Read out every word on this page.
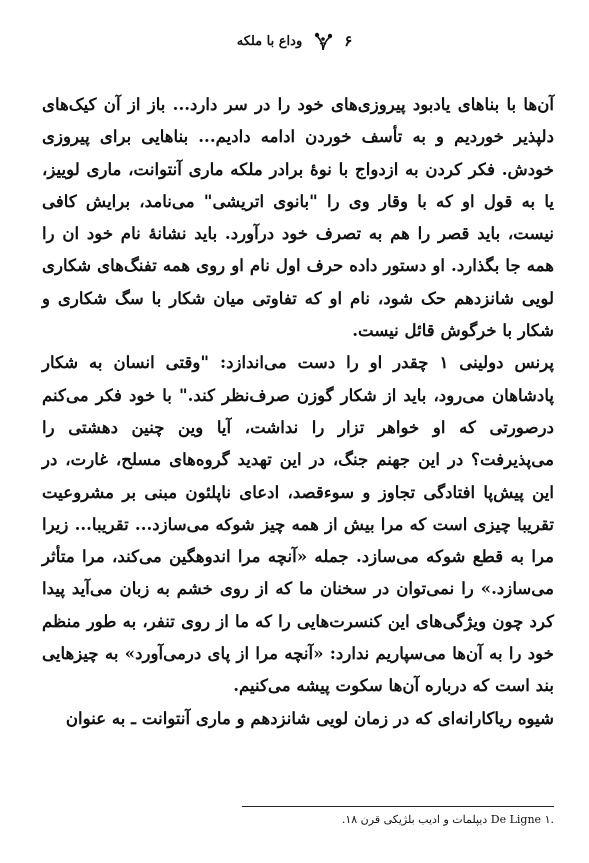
۶
وداع با ملکه

آن‌ها با بناهای یادبود پیروزی‌های خود را در سر دارد... باز از آن کیک‌های دلپذیر خوردیم و به تأسف خوردن ادامه دادیم... بناهایی برای پیروزی خودش. فکر کردن به ازدواج با نوهٔ برادر ملکه ماری آنتوانت، ماری لوییز، یا به قول او که با وقار وی را "بانوی اتریشی" می‌نامد، برایش کافی نیست، باید قصر را هم به تصرف خود درآورد. باید نشانهٔ نام خود ان را همه جا بگذارد. او دستور داده حرف اول نام او روی همه تفنگ‌های شکاری لویی شانزدهم حک شود، نام او که تفاوتی میان شکار با سگ شکاری و شکار با خرگوش قائل نیست.

پرنس دولینی ۱ چقدر او را دست می‌اندازد: "وقتی انسان به شکار پادشاهان می‌رود، باید از شکار گوزن صرف‌نظر کند." با خود فکر می‌کنم درصورتی که او خواهر تزار را نداشت، آیا وین چنین دهشتی را می‌پذیرفت؟ در این جهنم جنگ، در این تهدید گروه‌های مسلح، غارت، در این پیش‌پا افتادگی تجاوز و سوءقصد، ادعای ناپلئون مبنی بر مشروعیت تقریبا چیزی است که مرا بیش از همه چیز شوکه می‌سازد... تقریبا... زیرا مرا به قطع شوکه می‌سازد. جمله «آنچه مرا اندوهگین می‌کند، مرا متأثر می‌سازد.» را نمی‌توان در سخنان ما که از روی خشم به زبان می‌آید پیدا کرد چون ویژگی‌های این کنسرت‌هایی را که ما از روی تنفر، به طور منظم خود را به آن‌ها می‌سپاریم ندارد: «آنچه مرا از پای درمی‌آورد» به چیزهایی بند است که درباره آن‌ها سکوت پیشه می‌کنیم.

شیوه ریاکارانه‌ای که در زمان لویی شانزدهم و ماری آنتوانت ـ به عنوان

.۱ De Ligne دیپلمات و ادیب بلژیکی قرن ۱۸.
